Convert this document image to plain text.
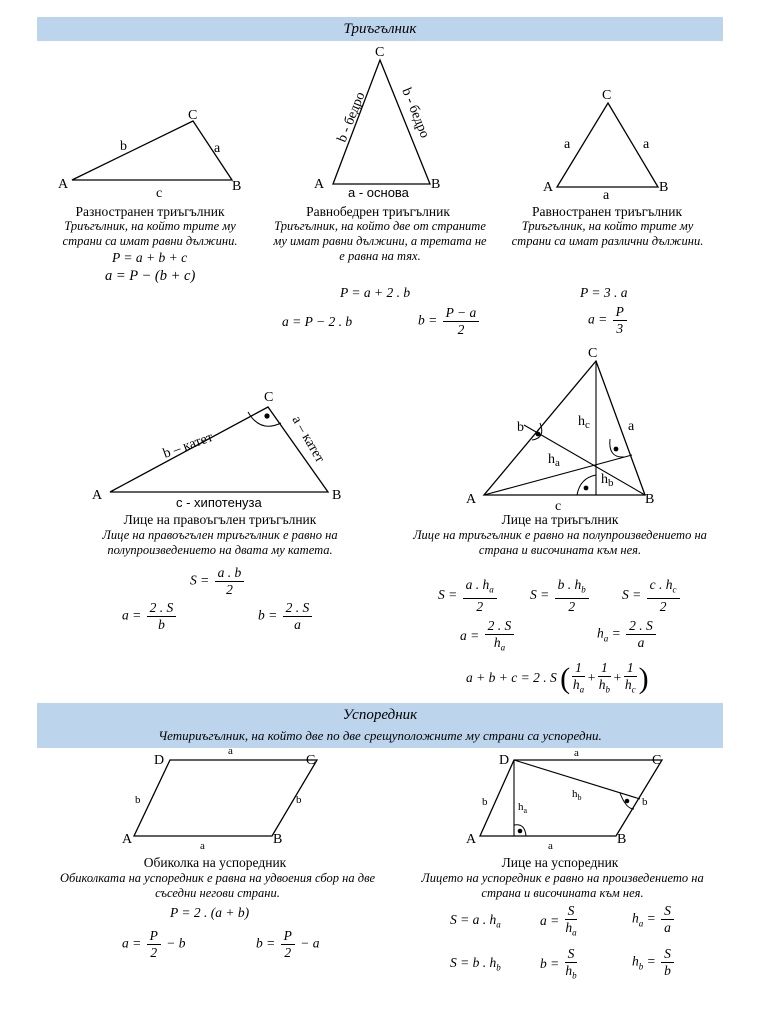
Триъгълник
A	B
C
a
b
c
Разностранен триъгълник
Триъгълник, на който трите му страни са имат равни дължини.
P = a + b + c
a = P − (b + c)
C
A	B
b - бедро b - бедро
a - основа
Равнобедрен триъгълник
Триъгълник, на който две от страните му имат равни дължини, а третата не е равна на тях.
P = a + 2 . b
a = P − 2 . b	$b = \frac{P - a}{2}$
C
A	B
a	a
a
Равностранен триъгълник
Триъгълник, на който трите му страни са имат различни дължини.
P = 3 . a
$a = \frac{P}{3}$
C
A	B
b – катет	a – катет
c - хипотенуза
Лице на правоъгълен триъгълник
Лице на правоъгълен триъгълник е равно на полупроизведението на двата му катета.
$S = \frac{a . b}{2}$
$a = \frac{2 . S}{b}$	$b = \frac{2 . S}{a}$
C
A	B
a
b
c
$h_c$
$h_a$
$h_b$
Лице на триъгълник
Лице на триъгълник е равно на полупроизведението на страна и височината към нея.
$S = \frac{a . h_a}{2}$ $S = \frac{b . h_b}{2}$ $S = \frac{c . h_c}{2}$
$a = \frac{2 . S}{h_a}$	$h_a = \frac{2 . S}{a}$
a + b + c = 2 . S ( $\frac{1}{h_a} + \frac{1}{h_b} + \frac{1}{h_c}$ )
Успоредник
Четириъгълник, на който две по две срещуположните му страни са успоредни.
A	B
C
D
a
a
b	b
Обиколка на успоредник
Обиколката на успоредник е равна на удвоения сбор на две съседни негови страни.
P = 2 . (a + b)
$a = \frac{P}{2} - b$	$b = \frac{P}{2} - a$
A	B
C
D	a
a
b	b
$h_a$
$h_b$
Лице на успоредник
Лицето на успоредник е равно на произведението на страна и височината към нея.
S = a . $h_a$	$a = \frac{S}{h_a}$	$h_a = \frac{S}{a}$
S = b . $h_b$	$b = \frac{S}{h_b}$	$h_b = \frac{S}{b}$
